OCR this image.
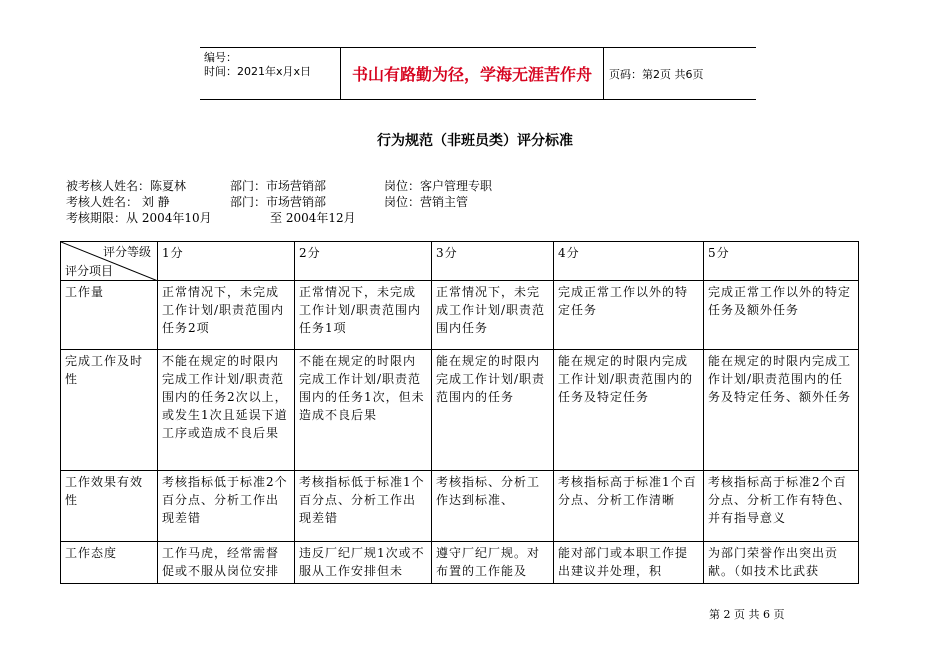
编号：
时间：2021年x月x日	书山有路勤为径，学海无涯苦作舟	页码：第2页 共6页
行为规范（非班员类）评分标准
被考核人姓名：陈夏林	部门：市场营销部	岗位：客户管理专职
考核人姓名： 刘 静	部门：市场营销部	岗位：营销主管
考核期限：从 2004年10月	至 2004年12月
评分等级
评分项目	1分	2分	3分	4分	5分
工作量	正常情况下，未完成工作计划/职责范围内任务2项	正常情况下，未完成工作计划/职责范围内任务1项	正常情况下，未完成工作计划/职责范围内任务	完成正常工作以外的特定任务	完成正常工作以外的特定任务及额外任务
完成工作及时性	不能在规定的时限内完成工作计划/职责范围内的任务2次以上，或发生1次且延误下道工序或造成不良后果	不能在规定的时限内完成工作计划/职责范围内的任务1次，但未造成不良后果	能在规定的时限内完成工作计划/职责范围内的任务	能在规定的时限内完成工作计划/职责范围内的任务及特定任务	能在规定的时限内完成工作计划/职责范围内的任务及特定任务、额外任务
工作效果有效性	考核指标低于标准2个百分点、分析工作出现差错	考核指标低于标准1个百分点、分析工作出现差错	考核指标、分析工作达到标准、	考核指标高于标准1个百分点、分析工作清晰	考核指标高于标准2个百分点、分析工作有特色、并有指导意义
工作态度	工作马虎，经常需督促或不服从岗位安排	违反厂纪厂规1次或不服从工作安排但未	遵守厂纪厂规。对布置的工作能及	能对部门或本职工作提出建议并处理，积	为部门荣誉作出突出贡献。（如技术比武获
第 2 页 共 6 页
